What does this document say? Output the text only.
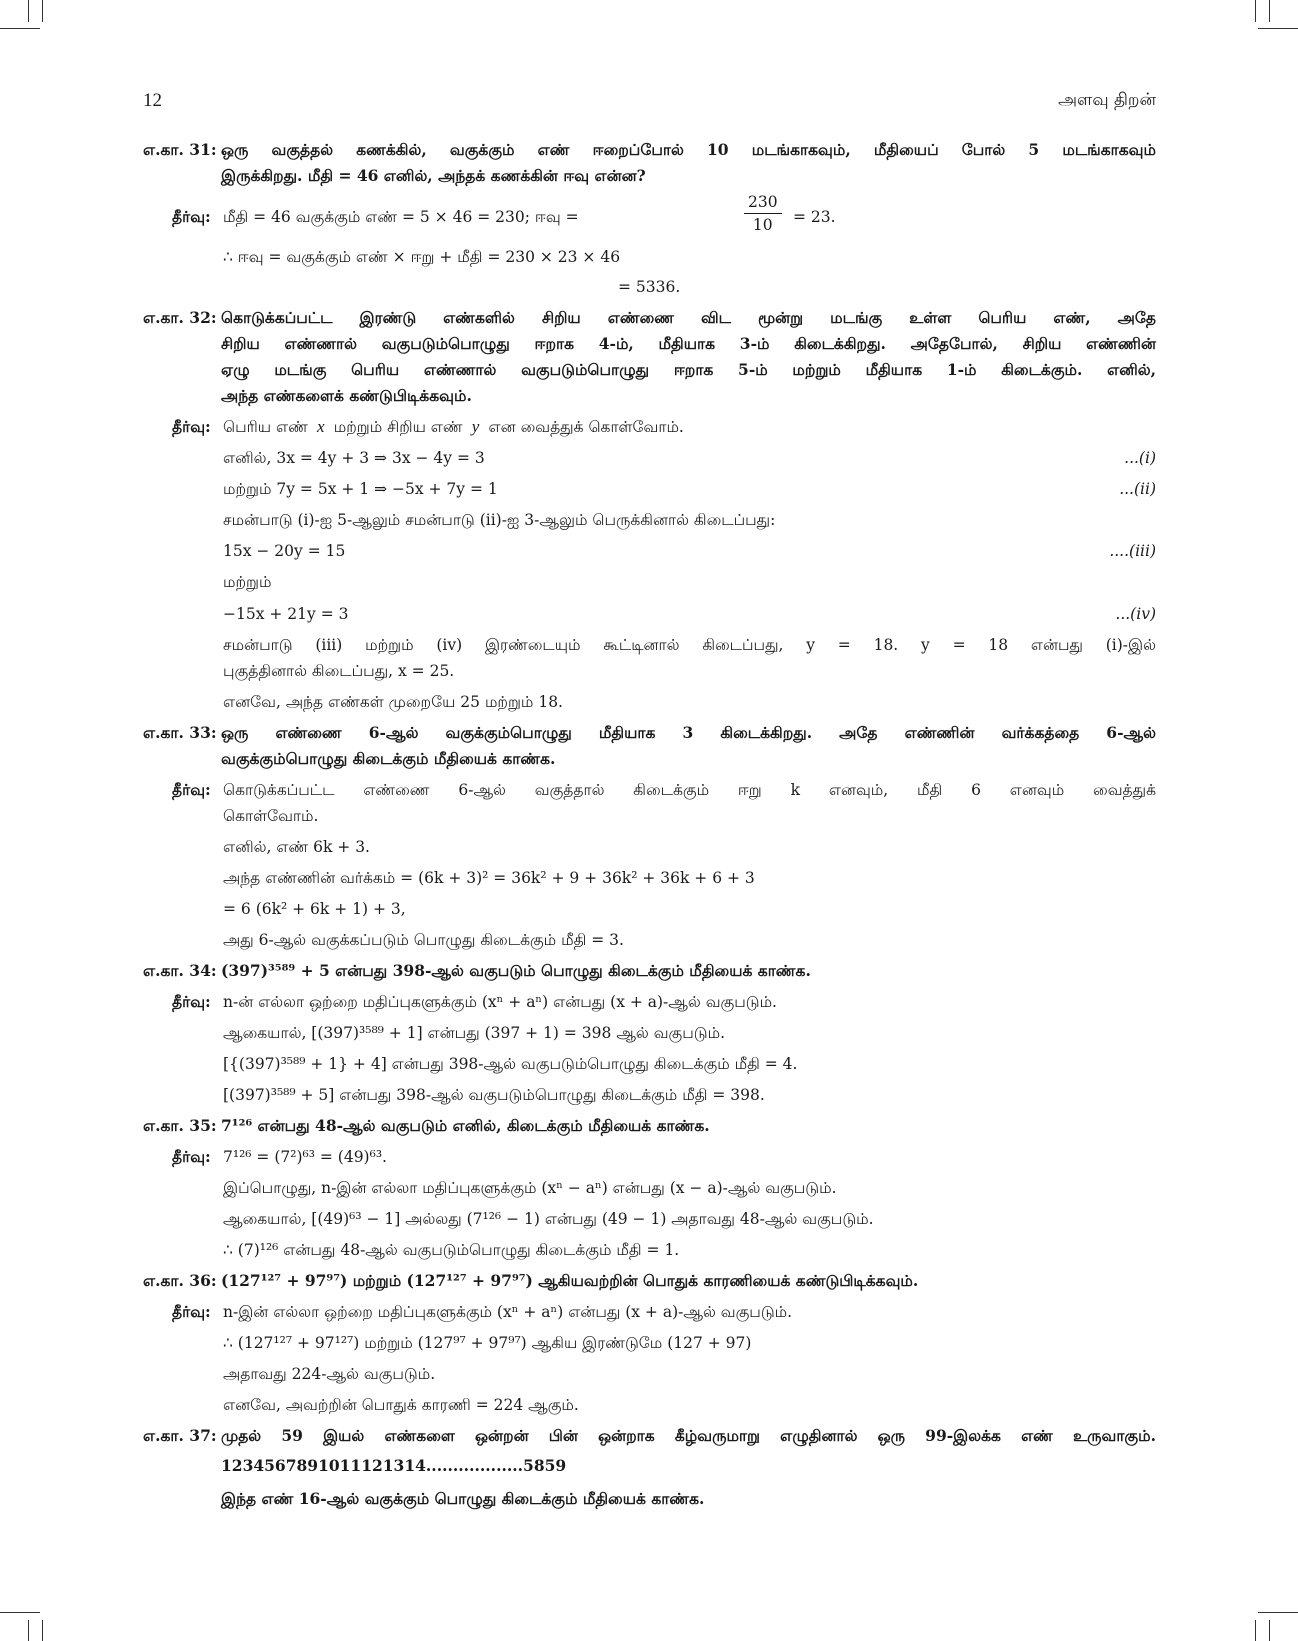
12	அளவு திறன்
எ.கா. 31: ஒரு வகுத்தல் கணக்கில், வகுக்கும் எண் ஈறைப்போல் 10 மடங்காகவும், மீதியைப் போல் 5 மடங்காகவும்
இருக்கிறது. மீதி = 46 எனில், அந்தக் கணக்கின் ஈவு என்ன?
தீர்வு: மீதி = 46 வகுக்கும் எண் = 5 × 46 = 230; ஈவு =	= 23.
$\frac{230}{10}$
∴ ஈவு = வகுக்கும் எண் × ஈறு + மீதி = 230 × 23 × 46
= 5336.
எ.கா. 32: கொடுக்கப்பட்ட இரண்டு எண்களில் சிறிய எண்ணை விட மூன்று மடங்கு உள்ள பெரிய எண், அதே
சிறிய எண்ணால் வகுபடும்பொழுது ஈறாக 4-ம், மீதியாக 3-ம் கிடைக்கிறது. அதேபோல், சிறிய எண்ணின்
ஏழு மடங்கு பெரிய எண்ணால் வகுபடும்பொழுது ஈறாக 5-ம் மற்றும் மீதியாக 1-ம் கிடைக்கும். எனில்,
அந்த எண்களைக் கண்டுபிடிக்கவும்.
தீர்வு: பெரிய எண்  x  மற்றும் சிறிய எண்  y  என வைத்துக் கொள்வோம்.
எனில், 3x = 4y + 3 ⇒ 3x − 4y = 3	...(i)
மற்றும் 7y = 5x + 1 ⇒ −5x + 7y = 1	...(ii)
சமன்பாடு (i)-ஐ 5-ஆலும் சமன்பாடு (ii)-ஐ 3-ஆலும் பெருக்கினால் கிடைப்பது:
15x − 20y = 15	....(iii)
மற்றும்
−15x + 21y = 3	...(iv)
சமன்பாடு (iii) மற்றும் (iv) இரண்டையும் கூட்டினால் கிடைப்பது, y = 18. y = 18 என்பது (i)-இல்
புகுத்தினால் கிடைப்பது, x = 25.
எனவே, அந்த எண்கள் முறையே 25 மற்றும் 18.
எ.கா. 33: ஒரு எண்ணை 6-ஆல் வகுக்கும்பொழுது மீதியாக 3 கிடைக்கிறது. அதே எண்ணின் வர்க்கத்தை 6-ஆல்
வகுக்கும்பொழுது கிடைக்கும் மீதியைக் காண்க.
தீர்வு: கொடுக்கப்பட்ட எண்ணை 6-ஆல் வகுத்தால் கிடைக்கும் ஈறு k எனவும், மீதி 6 எனவும் வைத்துக்
கொள்வோம்.
எனில், எண் 6k + 3.
அந்த எண்ணின் வர்க்கம் = (6k + 3)² = 36k² + 9 + 36k² + 36k + 6 + 3
= 6 (6k² + 6k + 1) + 3,
அது 6-ஆல் வகுக்கப்படும் பொழுது கிடைக்கும் மீதி = 3.
எ.கா. 34: (397)³⁵⁸⁹ + 5 என்பது 398-ஆல் வகுபடும் பொழுது கிடைக்கும் மீதியைக் காண்க.
தீர்வு: n-ன் எல்லா ஒற்றை மதிப்புகளுக்கும் (xⁿ + aⁿ) என்பது (x + a)-ஆல் வகுபடும்.
ஆகையால், [(397)³⁵⁸⁹ + 1] என்பது (397 + 1) = 398 ஆல் வகுபடும்.
[{(397)³⁵⁸⁹ + 1} + 4] என்பது 398-ஆல் வகுபடும்பொழுது கிடைக்கும் மீதி = 4.
[(397)³⁵⁸⁹ + 5] என்பது 398-ஆல் வகுபடும்பொழுது கிடைக்கும் மீதி = 398.
எ.கா. 35: 7¹²⁶ என்பது 48-ஆல் வகுபடும் எனில், கிடைக்கும் மீதியைக் காண்க.
தீர்வு: 7¹²⁶ = (7²)⁶³ = (49)⁶³.
இப்பொழுது, n-இன் எல்லா மதிப்புகளுக்கும் (xⁿ − aⁿ) என்பது (x − a)-ஆல் வகுபடும்.
ஆகையால், [(49)⁶³ − 1] அல்லது (7¹²⁶ − 1) என்பது (49 − 1) அதாவது 48-ஆல் வகுபடும்.
∴ (7)¹²⁶ என்பது 48-ஆல் வகுபடும்பொழுது கிடைக்கும் மீதி = 1.
எ.கா. 36: (127¹²⁷ + 97⁹⁷) மற்றும் (127¹²⁷ + 97⁹⁷) ஆகியவற்றின் பொதுக் காரணியைக் கண்டுபிடிக்கவும்.
தீர்வு: n-இன் எல்லா ஒற்றை மதிப்புகளுக்கும் (xⁿ + aⁿ) என்பது (x + a)-ஆல் வகுபடும்.
∴ (127¹²⁷ + 97¹²⁷) மற்றும் (127⁹⁷ + 97⁹⁷) ஆகிய இரண்டுமே (127 + 97)
அதாவது 224-ஆல் வகுபடும்.
எனவே, அவற்றின் பொதுக் காரணி = 224 ஆகும்.
எ.கா. 37: முதல் 59 இயல் எண்களை ஒன்றன் பின் ஒன்றாக கீழ்வருமாறு எழுதினால் ஒரு 99-இலக்க எண் உருவாகும்.
1234567891011121314..................5859
இந்த எண் 16-ஆல் வகுக்கும் பொழுது கிடைக்கும் மீதியைக் காண்க.
